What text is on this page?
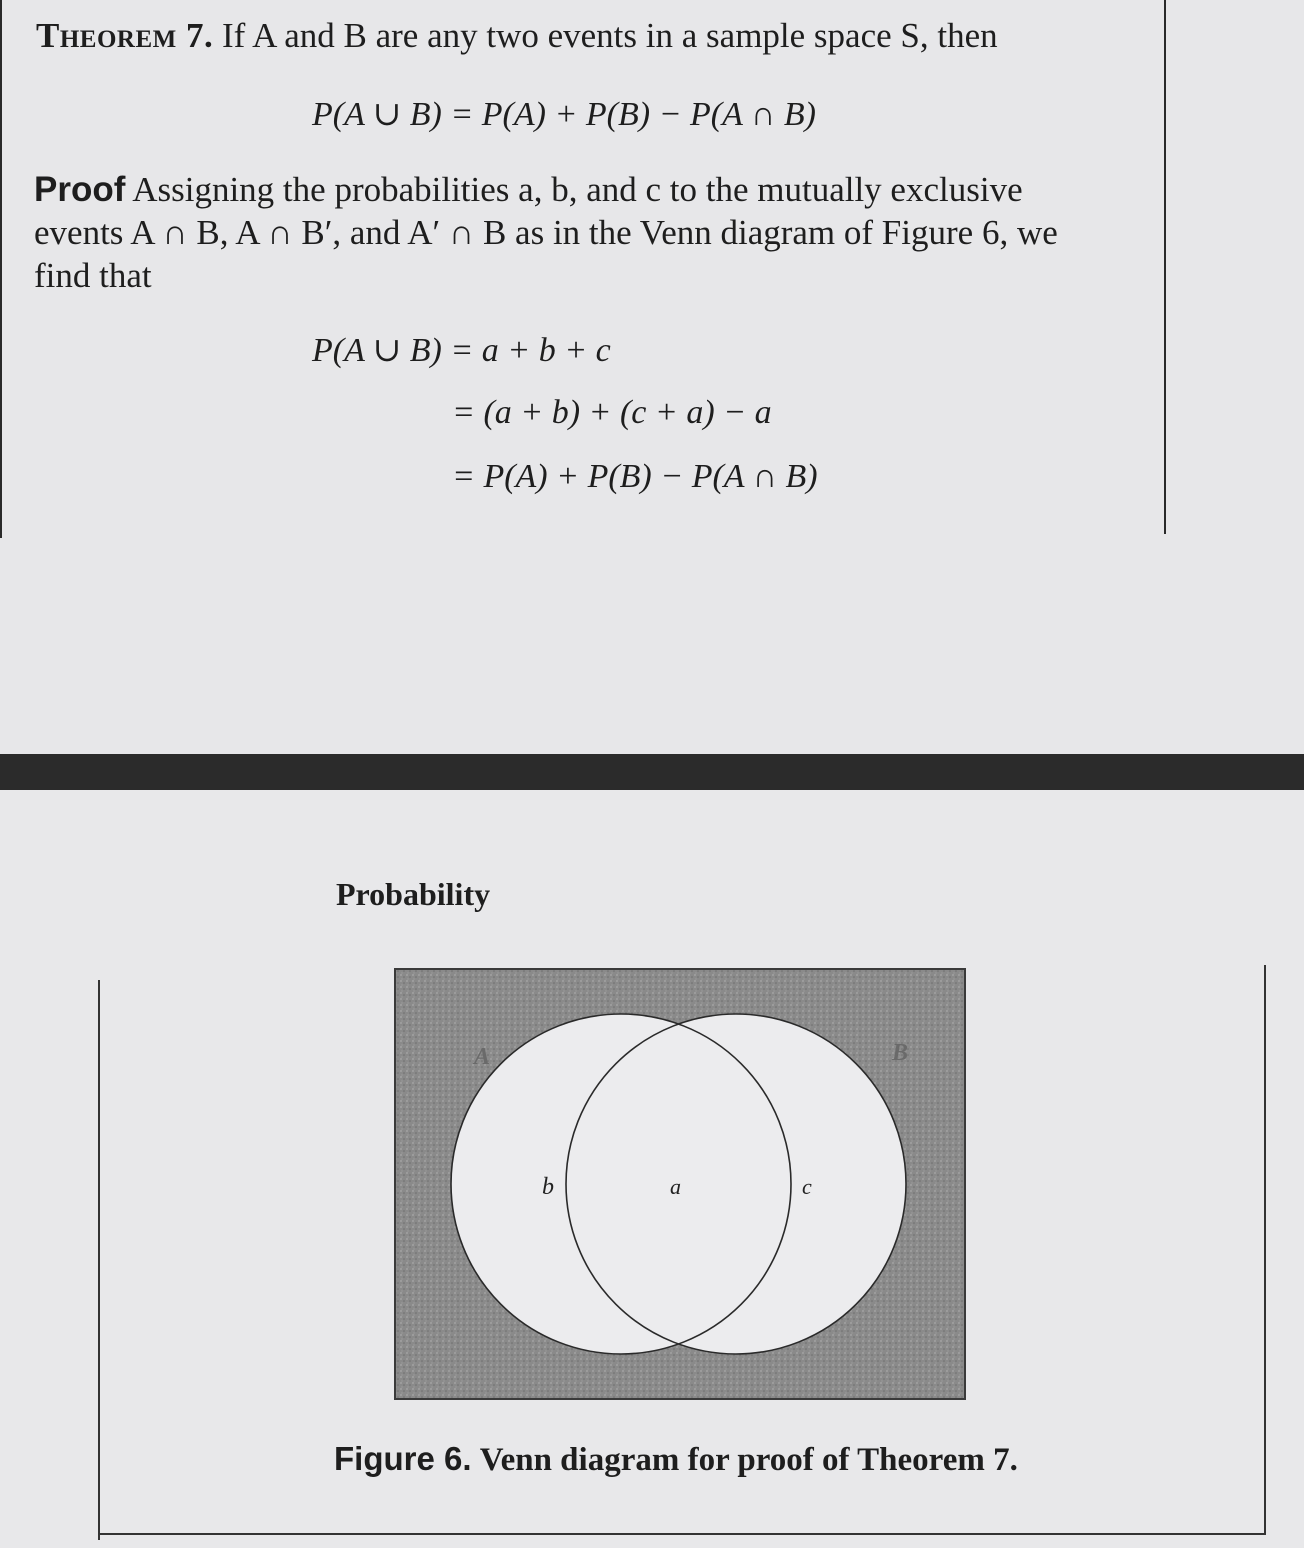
Theorem 7. If A and B are any two events in a sample space S, then
P(A ∪ B) = P(A) + P(B) − P(A ∩ B)
Proof Assigning the probabilities a, b, and c to the mutually exclusive
events A ∩ B, A ∩ B′, and A′ ∩ B as in the Venn diagram of Figure 6, we
find that
P(A ∪ B) = a + b + c
= (a + b) + (c + a) − a
= P(A) + P(B) − P(A ∩ B)
Probability
A	B
b	a	c
Figure 6. Venn diagram for proof of Theorem 7.
